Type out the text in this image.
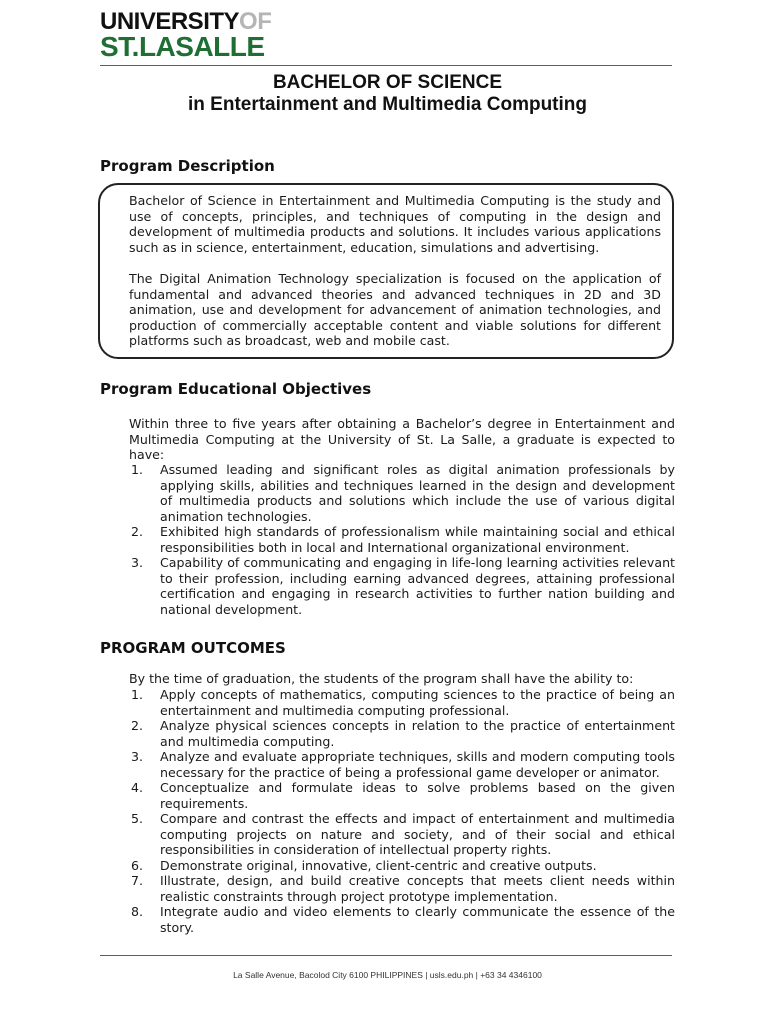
UNIVERSITYOF
ST.LASALLE
BACHELOR OF SCIENCE
in Entertainment and Multimedia Computing
Program Description
Bachelor of Science in Entertainment and Multimedia Computing is the study and use of concepts, principles, and techniques of computing in the design and development of multimedia products and solutions. It includes various applications such as in science, entertainment, education, simulations and advertising.
The Digital Animation Technology specialization is focused on the application of fundamental and advanced theories and advanced techniques in 2D and 3D animation, use and development for advancement of animation technologies, and production of commercially acceptable content and viable solutions for different platforms such as broadcast, web and mobile cast.
Program Educational Objectives
Within three to five years after obtaining a Bachelor’s degree in Entertainment and Multimedia Computing at the University of St. La Salle, a graduate is expected to have:
1. Assumed leading and significant roles as digital animation professionals by applying skills, abilities and techniques learned in the design and development of multimedia products and solutions which include the use of various digital animation technologies.
2. Exhibited high standards of professionalism while maintaining social and ethical responsibilities both in local and International organizational environment.
3. Capability of communicating and engaging in life-long learning activities relevant to their profession, including earning advanced degrees, attaining professional certification and engaging in research activities to further nation building and national development.
PROGRAM OUTCOMES
By the time of graduation, the students of the program shall have the ability to:
1. Apply concepts of mathematics, computing sciences to the practice of being an entertainment and multimedia computing professional.
2. Analyze physical sciences concepts in relation to the practice of entertainment and multimedia computing.
3. Analyze and evaluate appropriate techniques, skills and modern computing tools necessary for the practice of being a professional game developer or animator.
4. Conceptualize and formulate ideas to solve problems based on the given requirements.
5. Compare and contrast the effects and impact of entertainment and multimedia computing projects on nature and society, and of their social and ethical responsibilities in consideration of intellectual property rights.
6. Demonstrate original, innovative, client-centric and creative outputs.
7. Illustrate, design, and build creative concepts that meets client needs within realistic constraints through project prototype implementation.
8. Integrate audio and video elements to clearly communicate the essence of the story.
La Salle Avenue, Bacolod City 6100 PHILIPPINES | usls.edu.ph | +63 34 4346100
